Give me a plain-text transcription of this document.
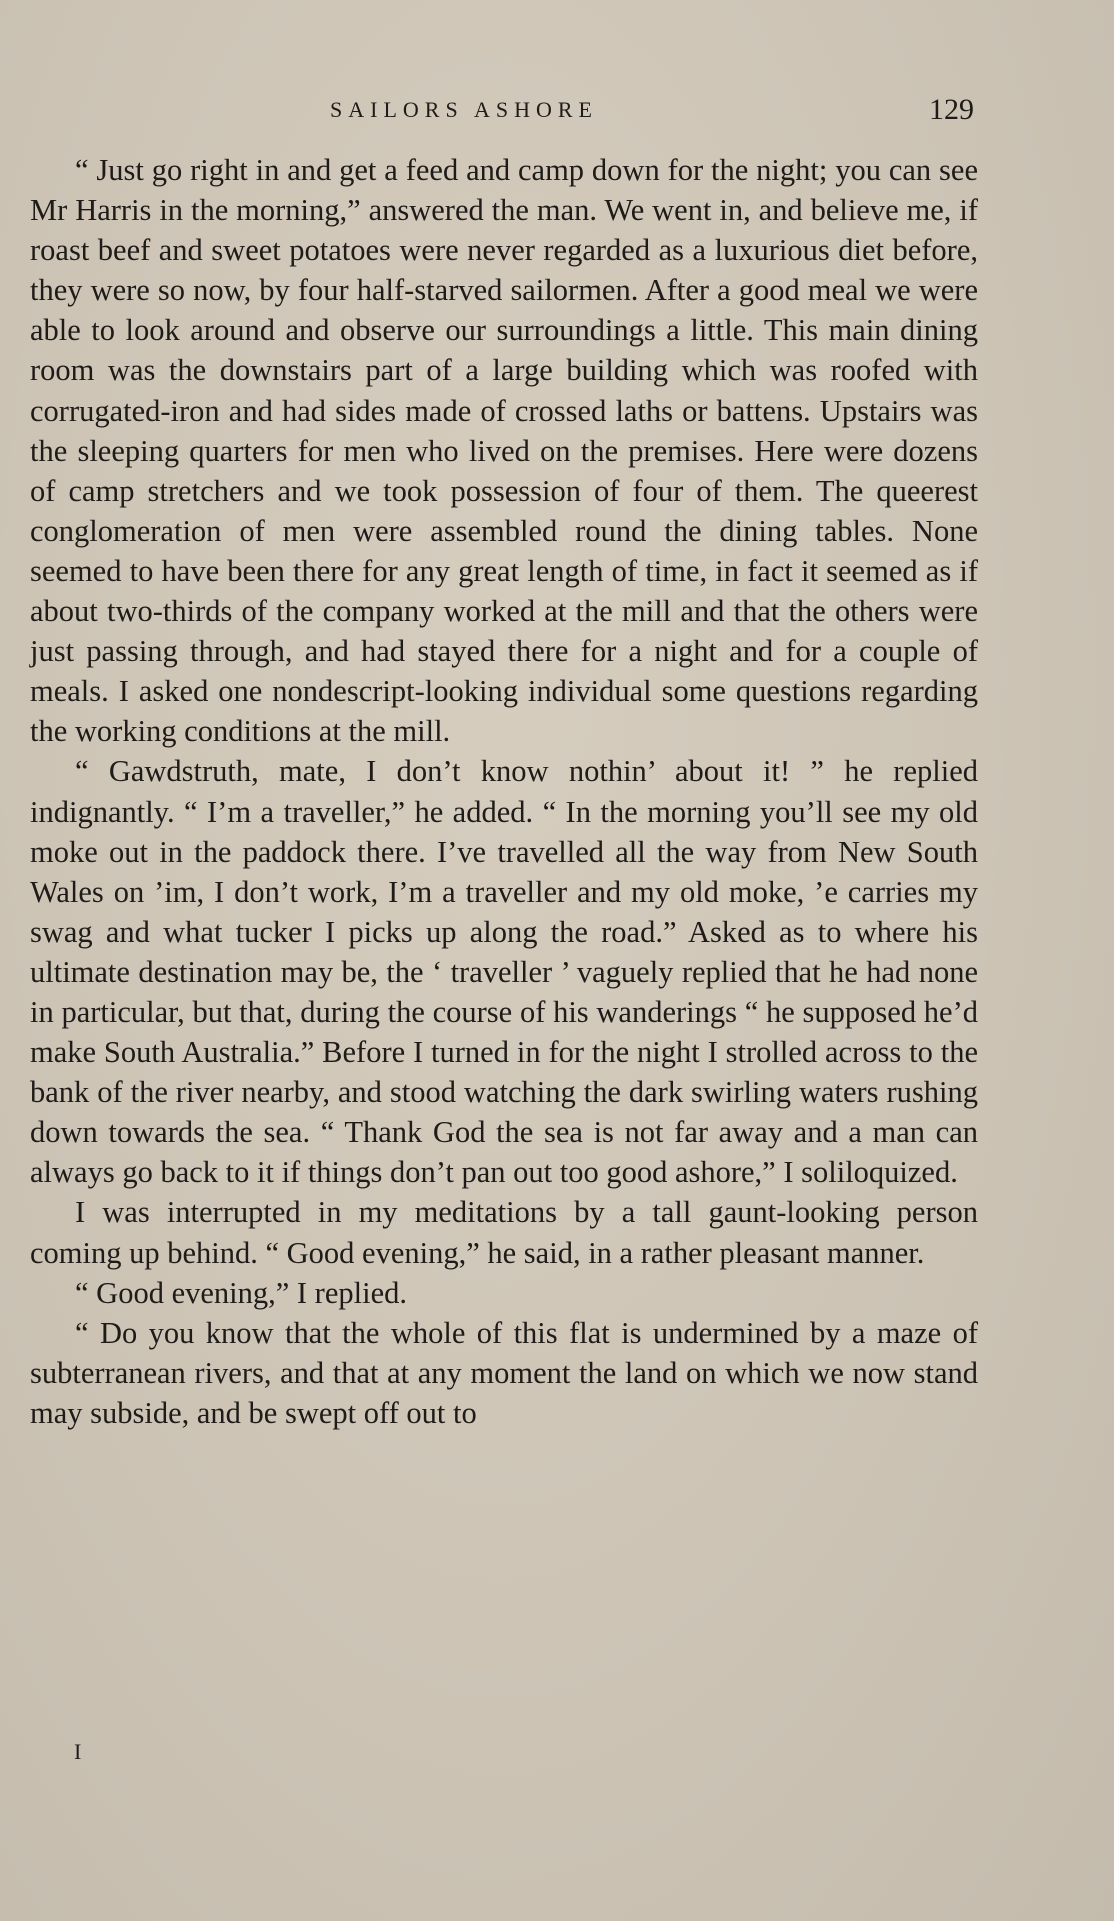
SAILORS ASHORE	129

“ Just go right in and get a feed and camp down for the night; you can see Mr Harris in the morning,” answered the man. We went in, and believe me, if roast beef and sweet potatoes were never regarded as a luxurious diet before, they were so now, by four half-starved sailormen. After a good meal we were able to look around and observe our surroundings a little. This main dining room was the downstairs part of a large building which was roofed with corrugated-iron and had sides made of crossed laths or battens. Upstairs was the sleeping quarters for men who lived on the premises. Here were dozens of camp stretchers and we took possession of four of them. The queerest conglomeration of men were assembled round the dining tables. None seemed to have been there for any great length of time, in fact it seemed as if about two-thirds of the company worked at the mill and that the others were just passing through, and had stayed there for a night and for a couple of meals. I asked one nondescript-looking individual some questions regarding the working conditions at the mill.

“ Gawdstruth, mate, I don’t know nothin’ about it! ” he replied indignantly. “ I’m a traveller,” he added. “ In the morning you’ll see my old moke out in the paddock there. I’ve travelled all the way from New South Wales on ’im, I don’t work, I’m a traveller and my old moke, ’e carries my swag and what tucker I picks up along the road.” Asked as to where his ultimate destination may be, the ‘ traveller ’ vaguely replied that he had none in particular, but that, during the course of his wanderings “ he supposed he’d make South Australia.” Before I turned in for the night I strolled across to the bank of the river nearby, and stood watching the dark swirling waters rushing down towards the sea. “ Thank God the sea is not far away and a man can always go back to it if things don’t pan out too good ashore,” I soliloquized.

I was interrupted in my meditations by a tall gaunt-looking person coming up behind. “ Good evening,” he said, in a rather pleasant manner.

“ Good evening,” I replied.

“ Do you know that the whole of this flat is undermined by a maze of subterranean rivers, and that at any moment the land on which we now stand may subside, and be swept off out to

I
